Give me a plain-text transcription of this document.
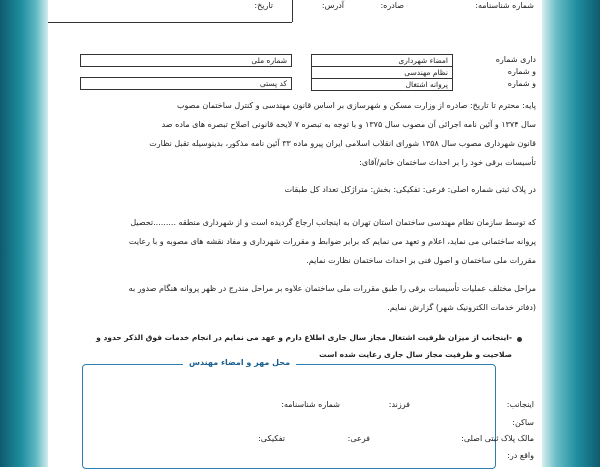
شماره شناسنامه:
صادره:
آدرس:
تاریخ:
شماره ملی
کد پستی
امضاء شهرداری
نظام مهندسی
پروانه اشتغال
داری شماره
و شماره
و شماره
پایه: محترم تا تاریخ: صادره از وزارت مسکن و شهرسازی بر اساس قانون مهندسی و کنترل ساختمان مصوب
سال ۱۳۷۴ و آئین نامه اجرائی آن مصوب سال ۱۳۷۵ و با توجه به تبصره ۷ لایحه قانونی اصلاح تبصره های ماده صد
قانون شهرداری مصوب سال ۱۳۵۸ شورای انقلاب اسلامی ایران پیرو ماده ۳۳ آئین نامه مذکور، بدینوسیله تقبل نظارت
تأسیسات برقی خود را بر احداث ساختمان خانم/آقای:
در پلاک ثبتی شماره اصلی: فرعی: تفکیکی: بخش: متراژکل تعداد کل طبقات
که توسط سازمان نظام مهندسی ساختمان استان تهران به اینجانب ارجاع گردیده است و از شهرداری منطقه .........تحصیل
پروانه ساختمانی می نماید، اعلام و تعهد می نمایم که برابر ضوابط و مقررات شهرداری و مفاد نقشه های مصوبه و با رعایت
مقررات ملی ساختمان و اصول فنی بر احداث ساختمان نظارت نمایم.
مراحل مختلف عملیات تأسیسات برقی را طبق مقررات ملی ساختمان علاوه بر مراحل مندرج در ظهر پروانه هنگام صدور به
(دفاتر خدمات الکترونیک شهر) گزارش نمایم.
-اینجانب از میزان ظرفیت اشتغال مجاز سال جاری اطلاع دارم و عهد می نمایم در انجام خدمات فوق الذکر حدود و
صلاحیت و ظرفیت مجاز سال جاری رعایت شده است
محل مهر و امضاء مهندس
اینجانب:
فرزند:
شماره شناسنامه:
ساکن:
مالک پلاک ثبتی اصلی:
فرعی:
تفکیکی:
واقع در:
